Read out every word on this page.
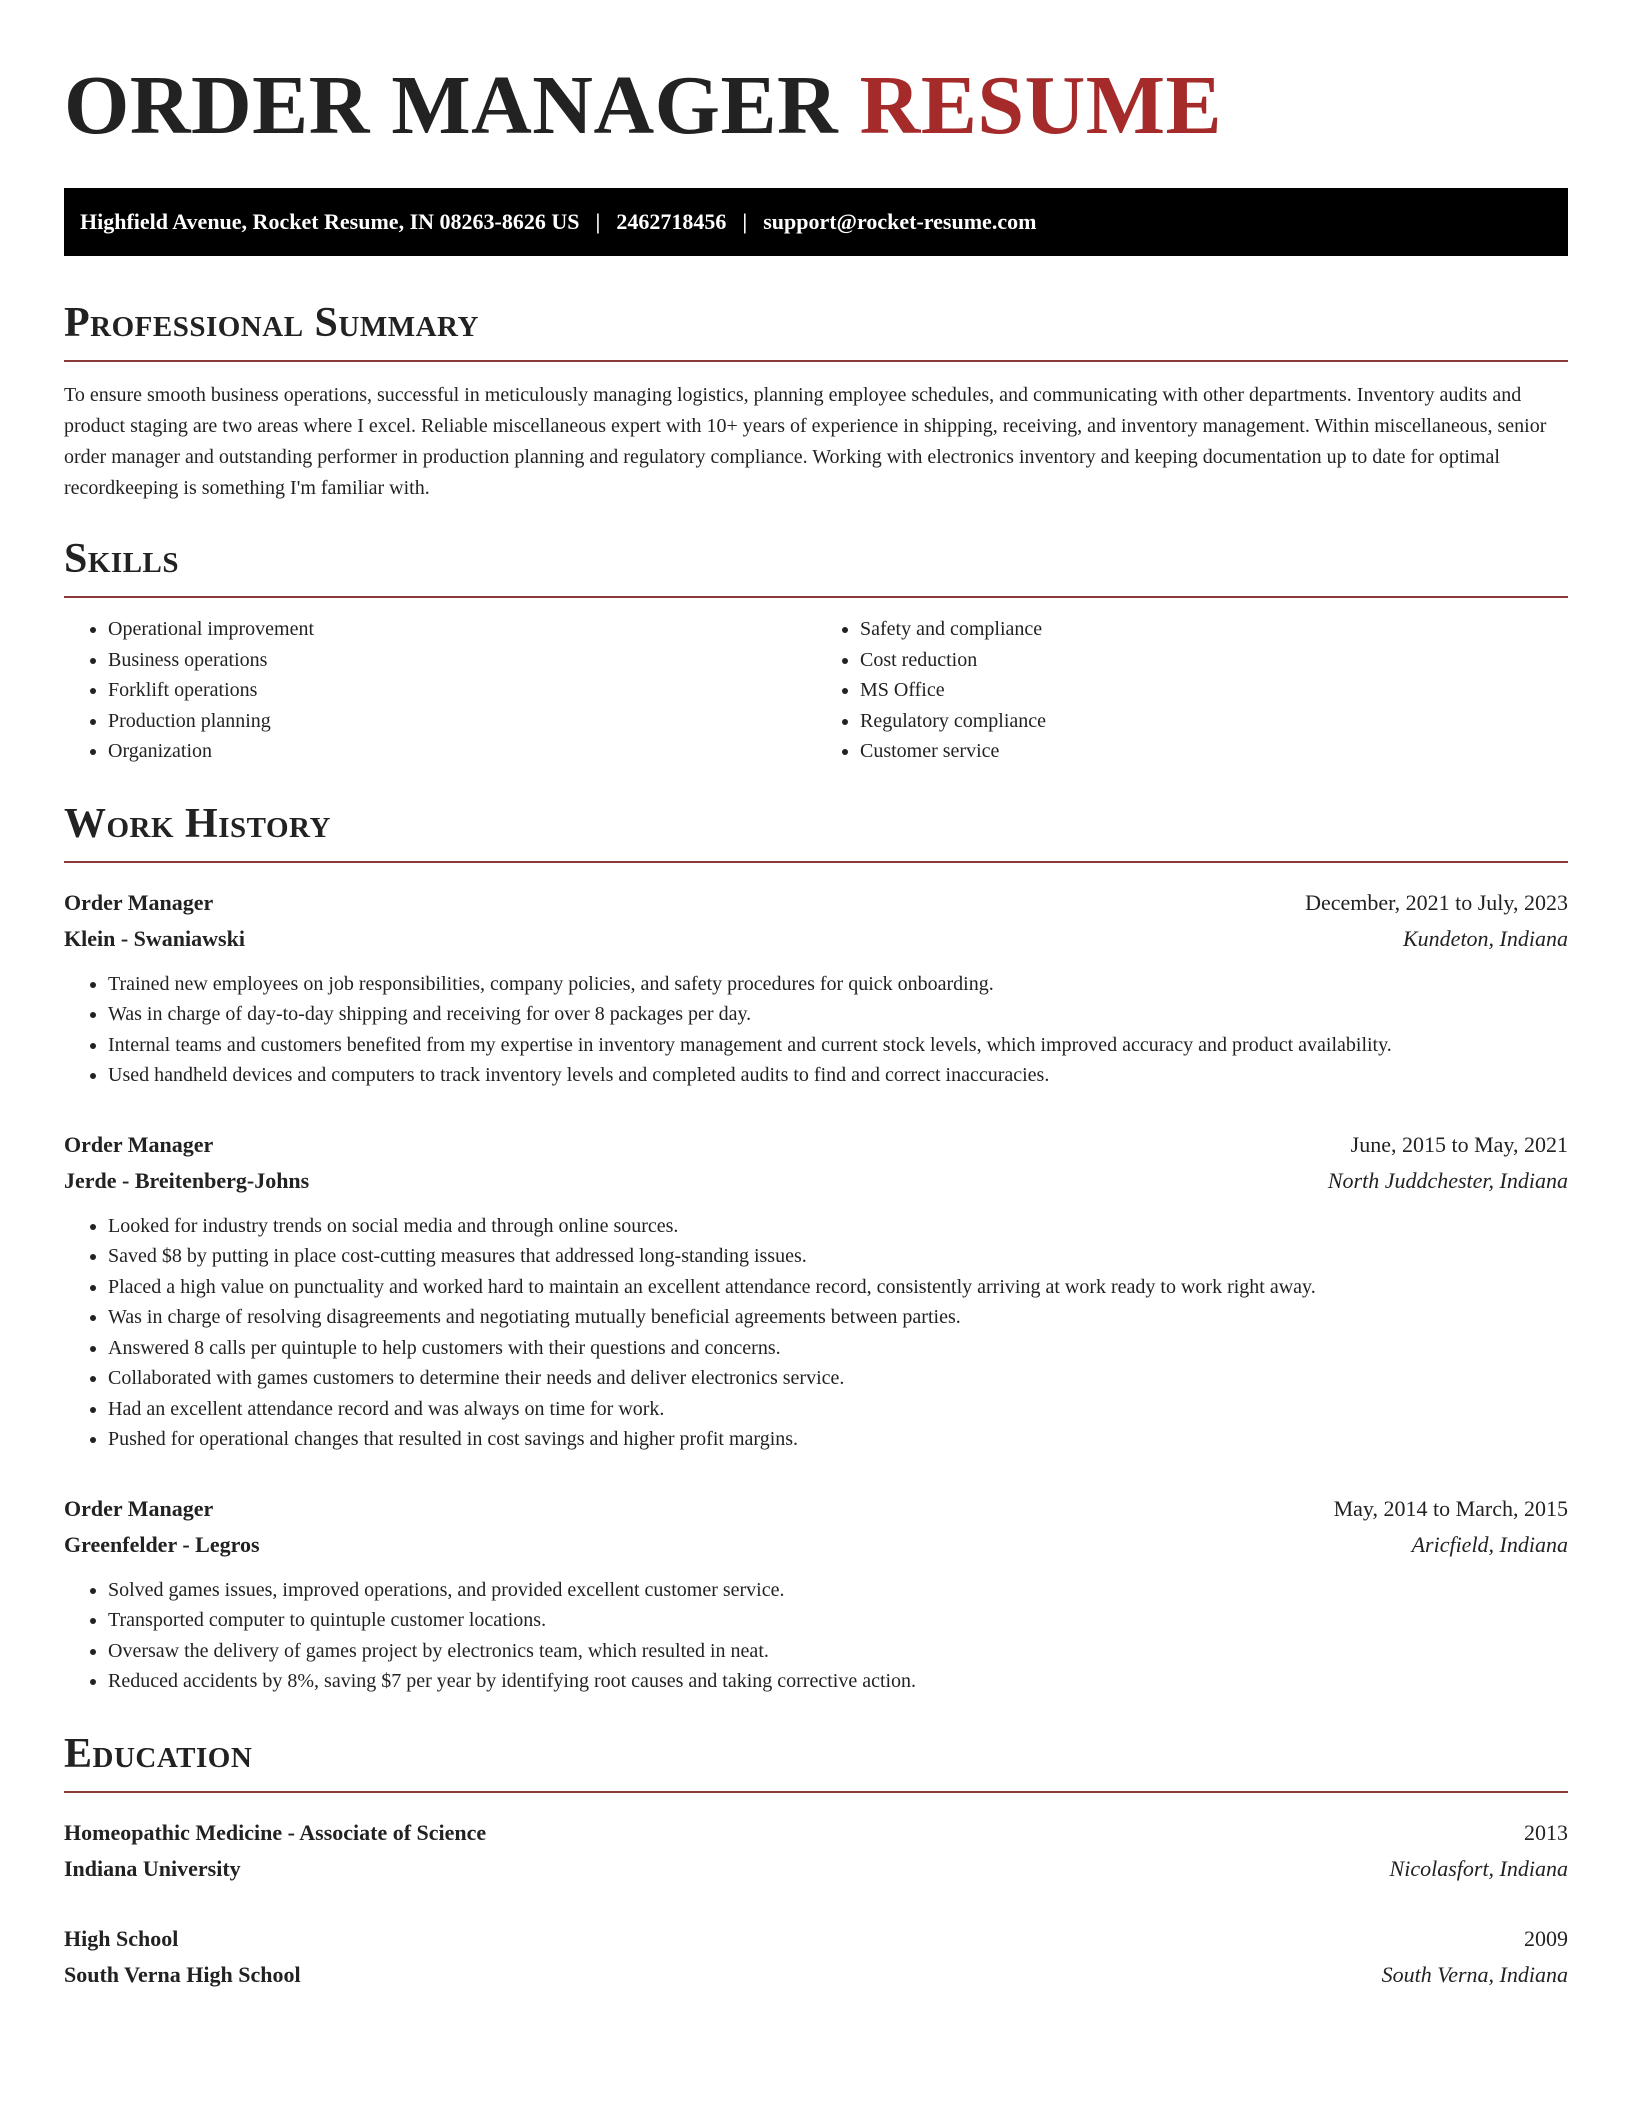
ORDER MANAGER RESUME
Highfield Avenue, Rocket Resume, IN 08263-8626 US | 2462718456 | support@rocket-resume.com
Professional Summary

To ensure smooth business operations, successful in meticulously managing logistics, planning employee schedules, and communicating with other departments. Inventory audits and product staging are two areas where I excel. Reliable miscellaneous expert with 10+ years of experience in shipping, receiving, and inventory management. Within miscellaneous, senior order manager and outstanding performer in production planning and regulatory compliance. Working with electronics inventory and keeping documentation up to date for optimal recordkeeping is something I'm familiar with.

Skills
• Operational improvement
• Business operations
• Forklift operations
• Production planning
• Organization
• Safety and compliance
• Cost reduction
• MS Office
• Regulatory compliance
• Customer service
Work History
Order Manager	December, 2021 to July, 2023
Klein - Swaniawski	Kundeton, Indiana
• Trained new employees on job responsibilities, company policies, and safety procedures for quick onboarding.
• Was in charge of day-to-day shipping and receiving for over 8 packages per day.
• Internal teams and customers benefited from my expertise in inventory management and current stock levels, which improved accuracy and product availability.
• Used handheld devices and computers to track inventory levels and completed audits to find and correct inaccuracies.
Order Manager	June, 2015 to May, 2021
Jerde - Breitenberg-Johns	North Juddchester, Indiana
• Looked for industry trends on social media and through online sources.
• Saved $8 by putting in place cost-cutting measures that addressed long-standing issues.
• Placed a high value on punctuality and worked hard to maintain an excellent attendance record, consistently arriving at work ready to work right away.
• Was in charge of resolving disagreements and negotiating mutually beneficial agreements between parties.
• Answered 8 calls per quintuple to help customers with their questions and concerns.
• Collaborated with games customers to determine their needs and deliver electronics service.
• Had an excellent attendance record and was always on time for work.
• Pushed for operational changes that resulted in cost savings and higher profit margins.
Order Manager	May, 2014 to March, 2015
Greenfelder - Legros	Aricfield, Indiana
• Solved games issues, improved operations, and provided excellent customer service.
• Transported computer to quintuple customer locations.
• Oversaw the delivery of games project by electronics team, which resulted in neat.
• Reduced accidents by 8%, saving $7 per year by identifying root causes and taking corrective action.
Education
Homeopathic Medicine - Associate of Science	2013
Indiana University	Nicolasfort, Indiana
High School	2009
South Verna High School	South Verna, Indiana
